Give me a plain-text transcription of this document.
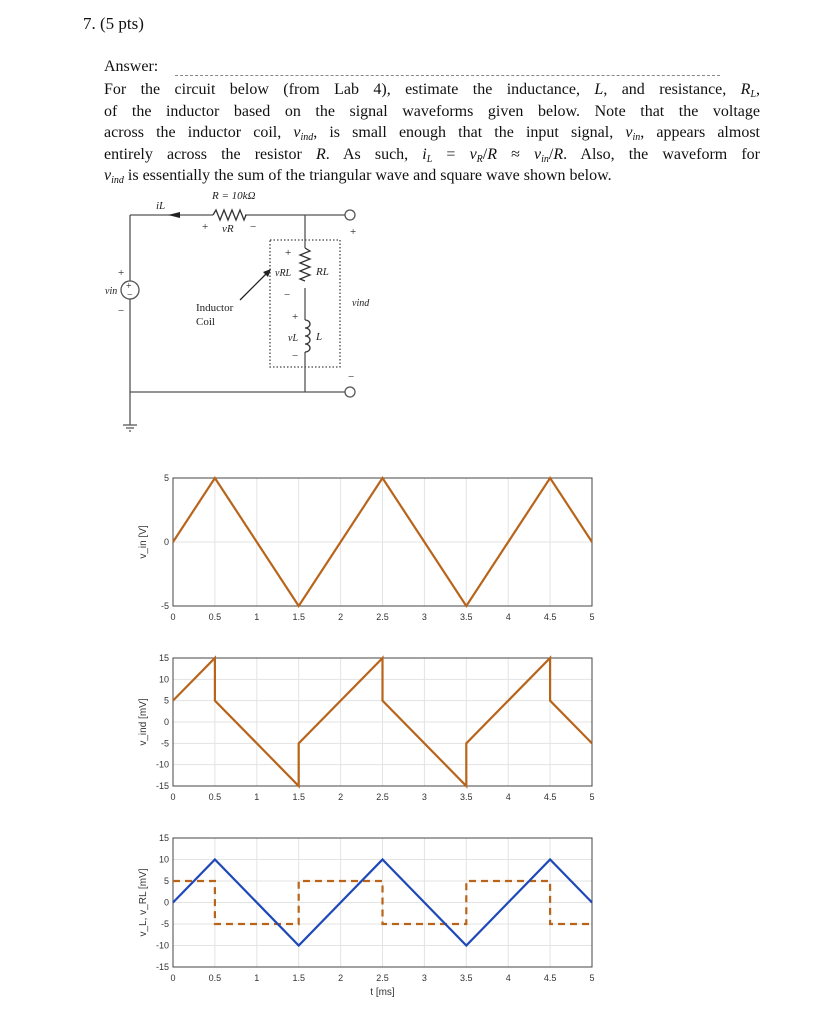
7. (5 pts)
Answer:
For the circuit below (from Lab 4), estimate the inductance, L, and resistance, $R_L$,
of the inductor based on the signal waveforms given below. Note that the voltage
across the inductor coil, $v_{ind}$, is small enough that the input signal, $v_{in}$, appears almost
entirely across the resistor R. As such, $i_L = v_R/R \approx v_{in}/R$. Also, the waveform for
$v_{ind}$ is essentially the sum of the triangular wave and square wave shown below.
+
−
R = 10kΩ
iL
+ vR −	+
−
+
vRL RL
−
+
vL L
−
vind
+
vin
−	Inductor
Coil
0	0.5	1	1.5	2	2.5	3	3.5	4	4.5	5
-5
0
5
v_in [V]
0	0.5	1	1.5	2	2.5	3	3.5	4	4.5	5
-15
-10
-5
0
5
10
15
v_ind [mV]
0	0.5	1	1.5	2	2.5	3	3.5	4	4.5	5
-15
-10
-5
0
5
10
15
v_L, v_RL [mV]
t [ms]
